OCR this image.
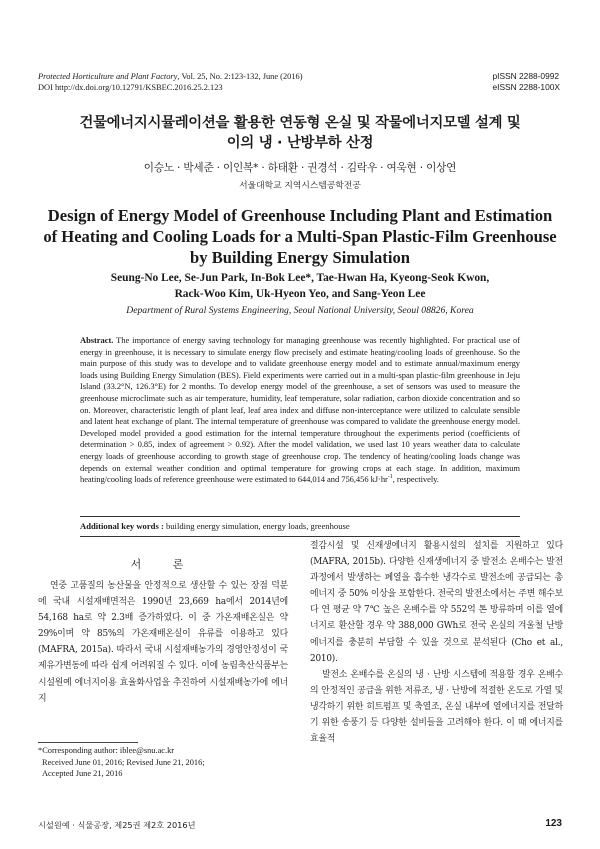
Protected Horticulture and Plant Factory, Vol. 25, No. 2:123-132, June (2016)
DOI http://dx.doi.org/10.12791/KSBEC.2016.25.2.123
pISSN 2288-0992
eISSN 2288-100X
건물에너지시뮬레이션을 활용한 연동형 온실 및 작물에너지모델 설계 및
이의 냉 · 난방부하 산정
이승노 · 박세준 · 이인복* · 하태환 · 권경석 · 김락우 · 여욱현 · 이상연
서울대학교 지역시스템공학전공
Design of Energy Model of Greenhouse Including Plant and Estimation
of Heating and Cooling Loads for a Multi-Span Plastic-Film Greenhouse
by Building Energy Simulation
Seung-No Lee, Se-Jun Park, In-Bok Lee*, Tae-Hwan Ha, Kyeong-Seok Kwon,
Rack-Woo Kim, Uk-Hyeon Yeo, and Sang-Yeon Lee
Department of Rural Systems Engineering, Seoul National University, Seoul 08826, Korea
Abstract. The importance of energy saving technology for managing greenhouse was recently highlighted. For practical use of energy in greenhouse, it is necessary to simulate energy flow precisely and estimate heating/cooling loads of greenhouse. So the main purpose of this study was to develope and to validate greenhouse energy model and to estimate annual/maximum energy loads using Building Energy Simulation (BES). Field experiments were carried out in a multi-span plastic-film greenhouse in Jeju Island (33.2°N, 126.3°E) for 2 months. To develop energy model of the greenhouse, a set of sensors was used to measure the greenhouse microclimate such as air temperature, humidity, leaf temperature, solar radiation, carbon dioxide concentration and so on. Moreover, characteristic length of plant leaf, leaf area index and diffuse non-interceptance were utilized to calculate sensible and latent heat exchange of plant. The internal temperature of greenhouse was compared to validate the greenhouse energy model. Developed model provided a good estimation for the internal temperature throughout the experiments period (coefficients of determination > 0.85, index of agreement > 0.92). After the model validation, we used last 10 years weather data to calculate energy loads of greenhouse according to growth stage of greenhouse crop. The tendency of heating/cooling loads change was depends on external weather condition and optimal temperature for growing crops at each stage. In addition, maximum heating/cooling loads of reference greenhouse were estimated to 644,014 and 756,456 $kJ\cdot hr^{-1}$, respectively.
Additional key words : building energy simulation, energy loads, greenhouse
서 론

연중 고품질의 농산물을 안정적으로 생산할 수 있는 장점 덕분에 국내 시설재배면적은 1990년 23,669 ha에서 2014년에 54,168 ha로 약 2.3배 증가하였다. 이 중 가온재배온실은 약 29%이며 약 85%의 가온재배온실이 유류를 이용하고 있다 (MAFRA, 2015a). 따라서 국내 시설재배농가의 경영안정성이 국제유가변동에 따라 쉽게 어려워질 수 있다. 이에 농림축산식품부는 시설원예 에너지이용 효율화사업을 추진하여 시설재배농가에 에너지

절감시설 및 신재생에너지 활용시설의 설치를 지원하고 있다 (MAFRA, 2015b). 다양한 신재생에너지 중 발전소 온배수는 발전과정에서 발생하는 폐열을 흡수한 냉각수로 발전소에 공급되는 총 에너지 중 50% 이상을 포함한다. 전국의 발전소에서는 주변 해수보다 연 평균 약 7℃ 높은 온배수를 약 552억 톤 방류하며 이를 열에너지로 환산할 경우 약 388,000 GWh로 전국 온실의 겨울철 난방에너지를 충분히 부담할 수 있을 것으로 분석된다 (Cho et al., 2010).

발전소 온배수를 온실의 냉 · 난방 시스템에 적용할 경우 온배수의 안정적인 공급을 위한 저류조, 냉 · 난방에 적절한 온도로 가열 및 냉각하기 위한 히트펌프 및 축열조, 온실 내부에 열에너지를 전달하기 위한 송풍기 등 다양한 설비들을 고려해야 한다. 이 때 에너지를 효율적

*Corresponding author: iblee@snu.ac.kr
Received June 01, 2016; Revised June 21, 2016;
Accepted June 21, 2016
시설원예 · 식물공장, 제25권 제2호 2016년	123
